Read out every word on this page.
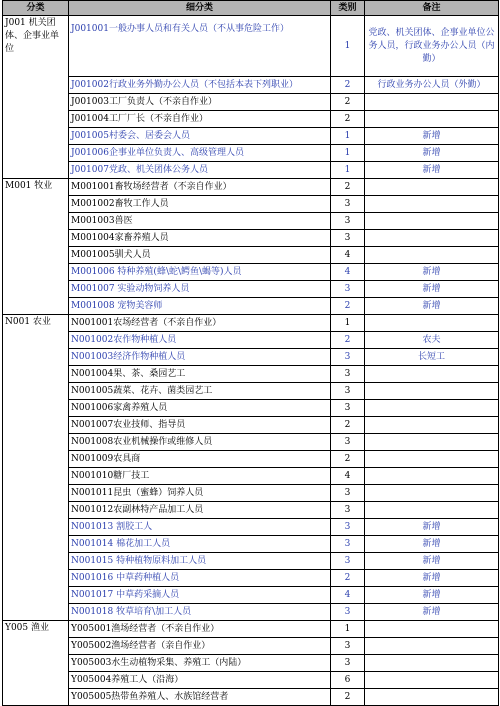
分类	细分类	类别	备注
J001 机关团体、企事业单位	J001001一般办事人员和有关人员（不从事危险工作）	1	党政、机关团体、企事业单位公务人员，行政业务办公人员（内勤）
	J001002行政业务外勤办公人员（不包括本表下列职业）	2	行政业务办公人员（外勤）
	J001003工厂负责人（不亲自作业）	2	
	J001004工厂厂长（不亲自作业）	2	
	J001005村委会、居委会人员	1	新增
	J001006企事业单位负责人、高级管理人员	1	新增
	J001007党政、机关团体公务人员	1	新增
M001 牧业	M001001畜牧场经营者（不亲自作业）	2	
	M001002畜牧工作人员	3	
	M001003兽医	3	
	M001004家畜养殖人员	3	
	M001005驯犬人员	4	
	M001006 特种养殖(蜂\蛇\鳄鱼\蝎等)人员	4	新增
	M001007 实验动物饲养人员	3	新增
	M001008 宠物美容师	2	新增
N001 农业	N001001农场经营者（不亲自作业）	1	
	N001002农作物种植人员	2	农夫
	N001003经济作物种植人员	3	长短工
	N001004果、茶、桑园艺工	3	
	N001005蔬菜、花卉、菌类园艺工	3	
	N001006家禽养殖人员	3	
	N001007农业技师、指导员	2	
	N001008农业机械操作或维修人员	3	
	N001009农具商	2	
	N001010糖厂技工	4	
	N001011昆虫（蜜蜂）饲养人员	3	
	N001012农副林特产品加工人员	3	
	N001013 割胶工人	3	新增
	N001014 棉花加工人员	3	新增
	N001015 特种植物原料加工人员	3	新增
	N001016 中草药种植人员	2	新增
	N001017 中草药采摘人员	4	新增
	N001018 牧草培育\加工人员	3	新增
Y005 渔业	Y005001渔场经营者（不亲自作业）	1	
	Y005002渔场经营者（亲自作业）	3	
	Y005003水生动植物采集、养殖工（内陆）	3	
	Y005004养殖工人（沿海）	6	
	Y005005热带鱼养殖人、水族馆经营者	2	
